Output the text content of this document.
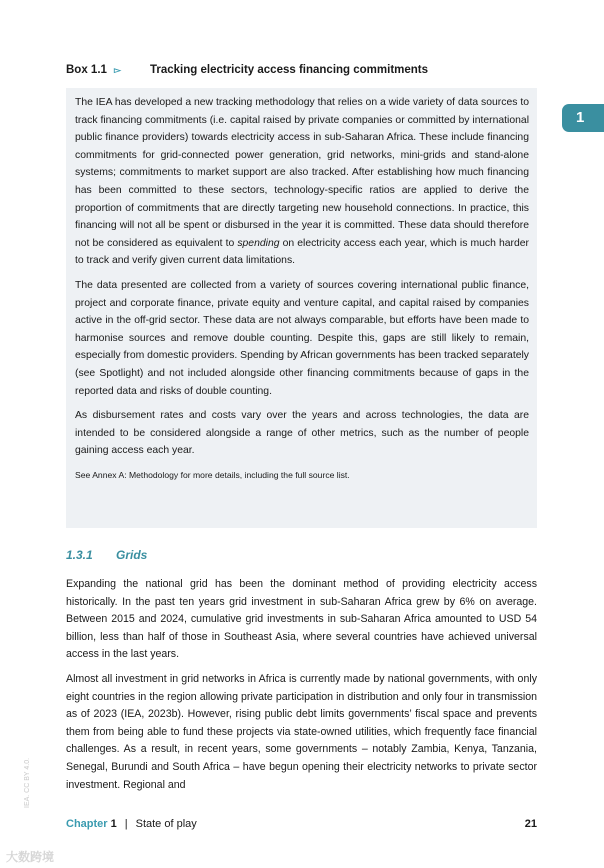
Box 1.1 ▻	Tracking electricity access financing commitments

The IEA has developed a new tracking methodology that relies on a wide variety of data sources to track financing commitments (i.e. capital raised by private companies or committed by international public finance providers) towards electricity access in sub-Saharan Africa. These include financing commitments for grid-connected power generation, grid networks, mini-grids and stand-alone systems; commitments to market support are also tracked. After establishing how much financing has been committed to these sectors, technology-specific ratios are applied to derive the proportion of commitments that are directly targeting new household connections. In practice, this financing will not all be spent or disbursed in the year it is committed. These data should therefore not be considered as equivalent to spending on electricity access each year, which is much harder to track and verify given current data limitations.

The data presented are collected from a variety of sources covering international public finance, project and corporate finance, private equity and venture capital, and capital raised by companies active in the off-grid sector. These data are not always comparable, but efforts have been made to harmonise sources and remove double counting. Despite this, gaps are still likely to remain, especially from domestic providers. Spending by African governments has been tracked separately (see Spotlight) and not included alongside other financing commitments because of gaps in the reported data and risks of double counting.

As disbursement rates and costs vary over the years and across technologies, the data are intended to be considered alongside a range of other metrics, such as the number of people gaining access each year.

See Annex A: Methodology for more details, including the full source list.

1
1.3.1 Grids

Expanding the national grid has been the dominant method of providing electricity access historically. In the past ten years grid investment in sub-Saharan Africa grew by 6% on average. Between 2015 and 2024, cumulative grid investments in sub-Saharan Africa amounted to USD 54 billion, less than half of those in Southeast Asia, where several countries have achieved universal access in the last years.

Almost all investment in grid networks in Africa is currently made by national governments, with only eight countries in the region allowing private participation in distribution and only four in transmission as of 2023 (IEA, 2023b). However, rising public debt limits governments’ fiscal space and prevents them from being able to fund these projects via state-owned utilities, which frequently face financial challenges. As a result, in recent years, some governments – notably Zambia, Kenya, Tanzania, Senegal, Burundi and South Africa – have begun opening their electricity networks to private sector investment. Regional and

IEA. CC BY 4.0.
Chapter 1 | State of play	21
大数跨境
